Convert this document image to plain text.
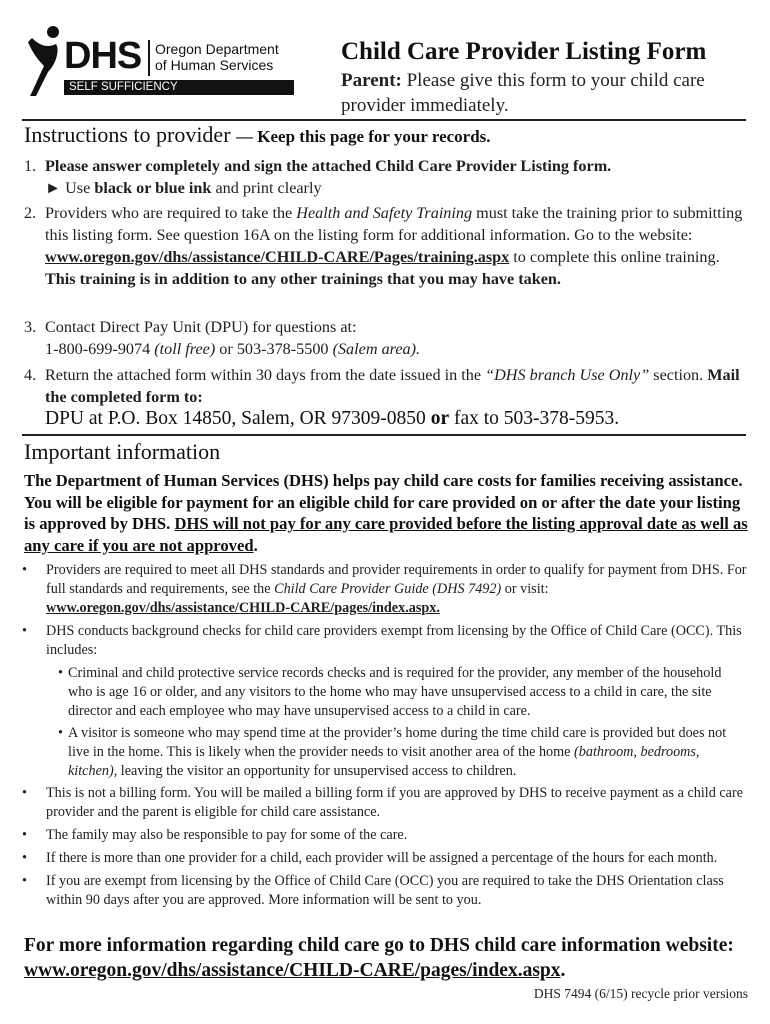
DHS Oregon Department
of Human Services
SELF SUFFICIENCY
Child Care Provider Listing Form
Parent: Please give this form to your child care provider immediately.
Instructions to provider — Keep this page for your records.
1. Please answer completely and sign the attached Child Care Provider Listing form.
► Use black or blue ink and print clearly
2. Providers who are required to take the Health and Safety Training must take the training prior to submitting this listing form. See question 16A on the listing form for additional information. Go to the website: www.oregon.gov/dhs/assistance/CHILD-CARE/Pages/training.aspx to complete this online training. This training is in addition to any other trainings that you may have taken.
3. Contact Direct Pay Unit (DPU) for questions at:
1-800-699-9074 (toll free) or 503-378-5500 (Salem area).
4. Return the attached form within 30 days from the date issued in the “DHS branch Use Only” section. Mail the completed form to:
DPU at P.O. Box 14850, Salem, OR 97309-0850 or fax to 503-378-5953.
Important information
The Department of Human Services (DHS) helps pay child care costs for families receiving assistance. You will be eligible for payment for an eligible child for care provided on or after the date your listing is approved by DHS. DHS will not pay for any care provided before the listing approval date as well as any care if you are not approved.
• Providers are required to meet all DHS standards and provider requirements in order to qualify for payment from DHS. For full standards and requirements, see the Child Care Provider Guide (DHS 7492) or visit: www.oregon.gov/dhs/assistance/CHILD-CARE/pages/index.aspx.
• DHS conducts background checks for child care providers exempt from licensing by the Office of Child Care (OCC). This includes:
• Criminal and child protective service records checks and is required for the provider, any member of the household who is age 16 or older, and any visitors to the home who may have unsupervised access to a child in care, the site director and each employee who may have unsupervised access to a child in care.
• A visitor is someone who may spend time at the provider’s home during the time child care is provided but does not live in the home. This is likely when the provider needs to visit another area of the home (bathroom, bedrooms, kitchen), leaving the visitor an opportunity for unsupervised access to children.
• This is not a billing form. You will be mailed a billing form if you are approved by DHS to receive payment as a child care provider and the parent is eligible for child care assistance.
• The family may also be responsible to pay for some of the care.
• If there is more than one provider for a child, each provider will be assigned a percentage of the hours for each month.
• If you are exempt from licensing by the Office of Child Care (OCC) you are required to take the DHS Orientation class within 90 days after you are approved. More information will be sent to you.
For more information regarding child care go to DHS child care information website: www.oregon.gov/dhs/assistance/CHILD-CARE/pages/index.aspx.
DHS 7494 (6/15) recycle prior versions
